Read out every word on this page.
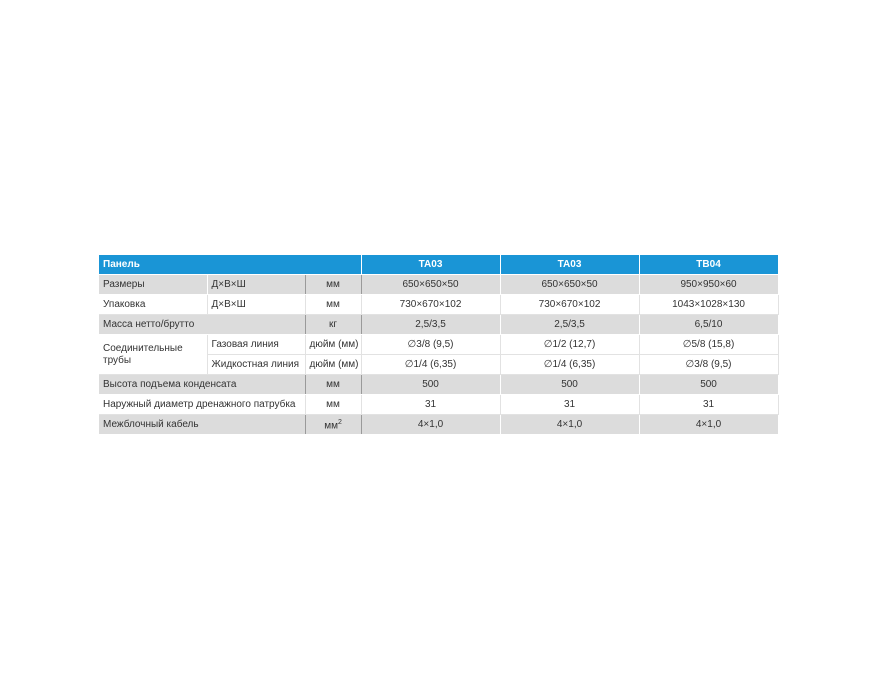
Панель			TA03	TA03	TB04
Размеры	Д×В×Ш	мм	650×650×50	650×650×50	950×950×60
Упаковка	Д×В×Ш	мм	730×670×102	730×670×102	1043×1028×130
Масса нетто/брутто		кг	2,5/3,5	2,5/3,5	6,5/10
Соединительные трубы	Газовая линия	дюйм (мм)	∅3/8 (9,5)	∅1/2 (12,7)	∅5/8 (15,8)
	Жидкостная линия	дюйм (мм)	∅1/4 (6,35)	∅1/4 (6,35)	∅3/8 (9,5)
Высота подъема конденсата		мм	500	500	500
Наружный диаметр дренажного патрубка		мм	31	31	31
Межблочный кабель		$мм^2$	4×1,0	4×1,0	4×1,0
